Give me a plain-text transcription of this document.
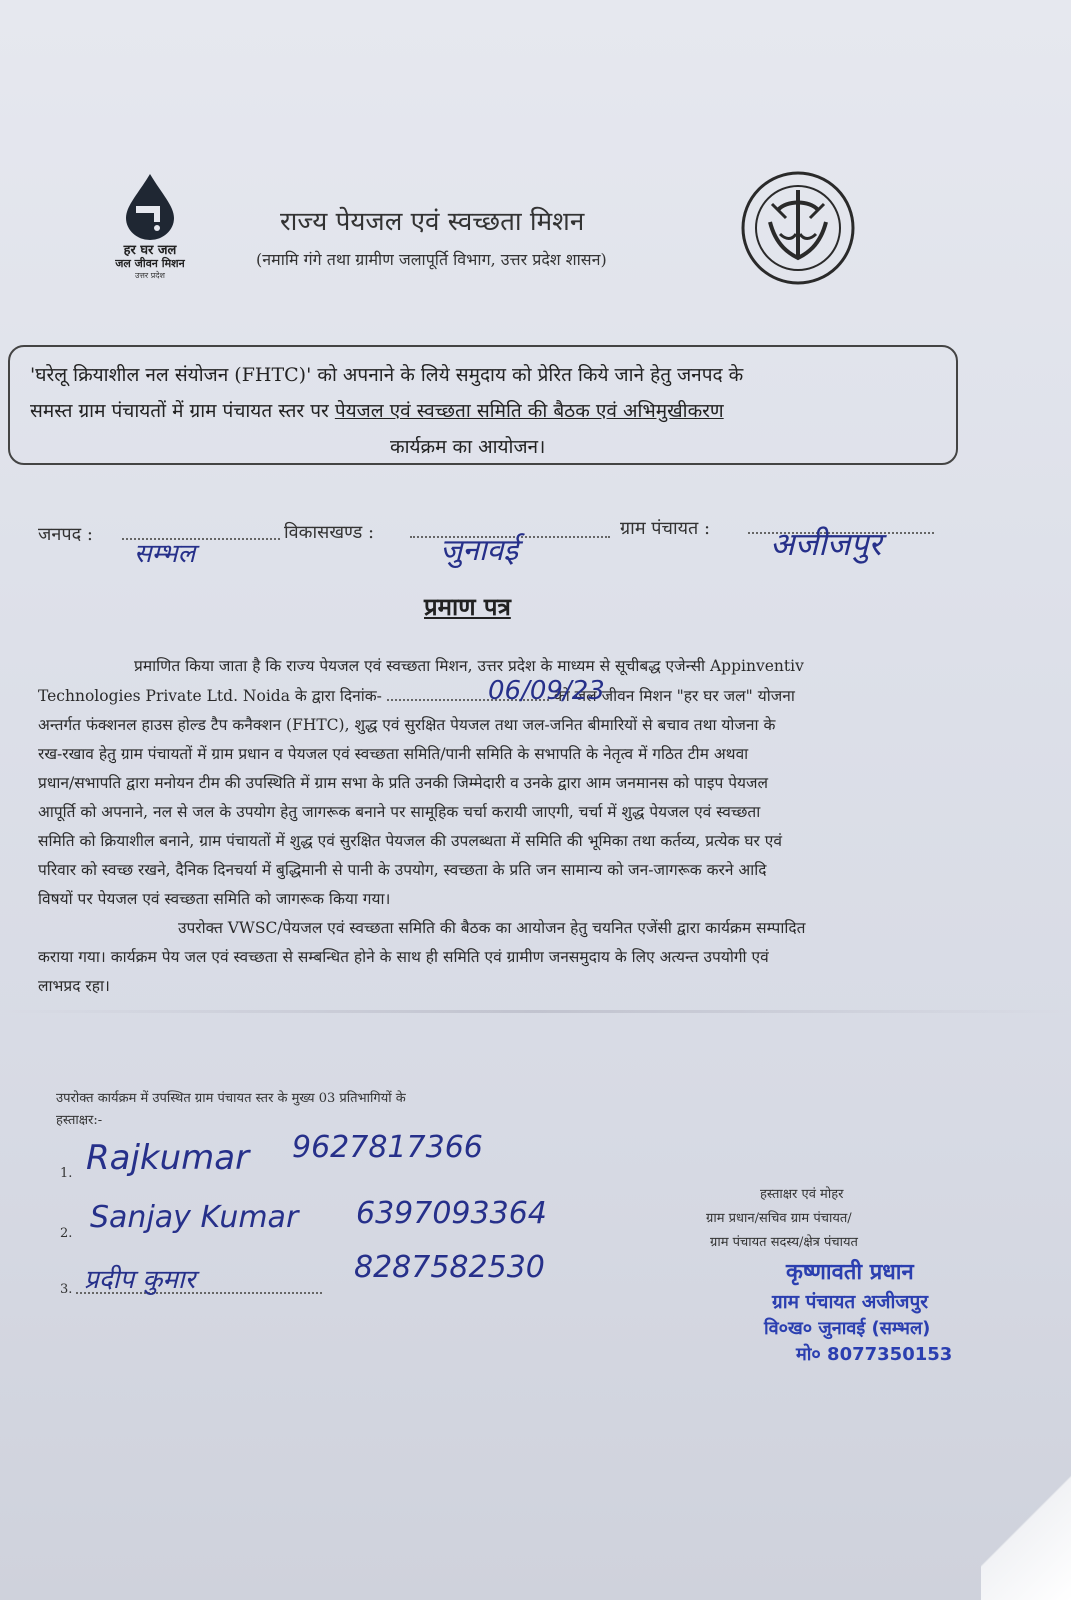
हर घर जल
जल जीवन मिशन
उत्तर प्रदेश
राज्य पेयजल एवं स्वच्छता मिशन
(नमामि गंगे तथा ग्रामीण जलापूर्ति विभाग, उत्तर प्रदेश शासन)

'घरेलू क्रियाशील नल संयोजन (FHTC)' को अपनाने के लिये समुदाय को प्रेरित किये जाने हेतु जनपद के

समस्त ग्राम पंचायतों में ग्राम पंचायत स्तर पर पेयजल एवं स्वच्छता समिति की बैठक एवं अभिमुखीकरण

कार्यक्रम का आयोजन।

जनपद :
सम्भल
विकासखण्ड :
जुनावई
ग्राम पंचायत : अजीजपुर
प्रमाण पत्र
प्रमाणित किया जाता है कि राज्य पेयजल एवं स्वच्छता मिशन, उत्तर प्रदेश के माध्यम से सूचीबद्ध एजेन्सी Appinventiv
Technologies Private Ltd. Noida के द्वारा दिनांक-	को जल जीवन मिशन "हर घर जल" योजना
अन्तर्गत फंक्शनल हाउस होल्ड टैप कनैक्शन (FHTC), शुद्ध एवं सुरक्षित पेयजल तथा जल-जनित बीमारियों से बचाव तथा योजना के
रख-रखाव हेतु ग्राम पंचायतों में ग्राम प्रधान व पेयजल एवं स्वच्छता समिति/पानी समिति के सभापति के नेतृत्व में गठित टीम अथवा
प्रधान/सभापति द्वारा मनोयन टीम की उपस्थिति में ग्राम सभा के प्रति उनकी जिम्मेदारी व उनके द्वारा आम जनमानस को पाइप पेयजल
आपूर्ति को अपनाने, नल से जल के उपयोग हेतु जागरूक बनाने पर सामूहिक चर्चा करायी जाएगी, चर्चा में शुद्ध पेयजल एवं स्वच्छता
समिति को क्रियाशील बनाने, ग्राम पंचायतों में शुद्ध एवं सुरक्षित पेयजल की उपलब्धता में समिति की भूमिका तथा कर्तव्य, प्रत्येक घर एवं
परिवार को स्वच्छ रखने, दैनिक दिनचर्या में बुद्धिमानी से पानी के उपयोग, स्वच्छता के प्रति जन सामान्य को जन-जागरूक करने आदि
विषयों पर पेयजल एवं स्वच्छता समिति को जागरूक किया गया।
उपरोक्त VWSC/पेयजल एवं स्वच्छता समिति की बैठक का आयोजन हेतु चयनित एजेंसी द्वारा कार्यक्रम सम्पादित
कराया गया। कार्यक्रम पेय जल एवं स्वच्छता से सम्बन्धित होने के साथ ही समिति एवं ग्रामीण जनसमुदाय के लिए अत्यन्त उपयोगी एवं
लाभप्रद रहा।
06/09/23
उपरोक्त कार्यक्रम में उपस्थित ग्राम पंचायत स्तर के मुख्य 03 प्रतिभागियों के
हस्ताक्षर:-
1. Rajkumar 9627817366
2. Sanjay Kumar 6397093364
3. प्रदीप कुमार	8287582530
हस्ताक्षर एवं मोहर
ग्राम प्रधान/सचिव ग्राम पंचायत/
ग्राम पंचायत सदस्य/क्षेत्र पंचायत
कृष्णावती प्रधान
ग्राम पंचायत अजीजपुर
वि०ख० जुनावई (सम्भल)
मो० 8077350153
